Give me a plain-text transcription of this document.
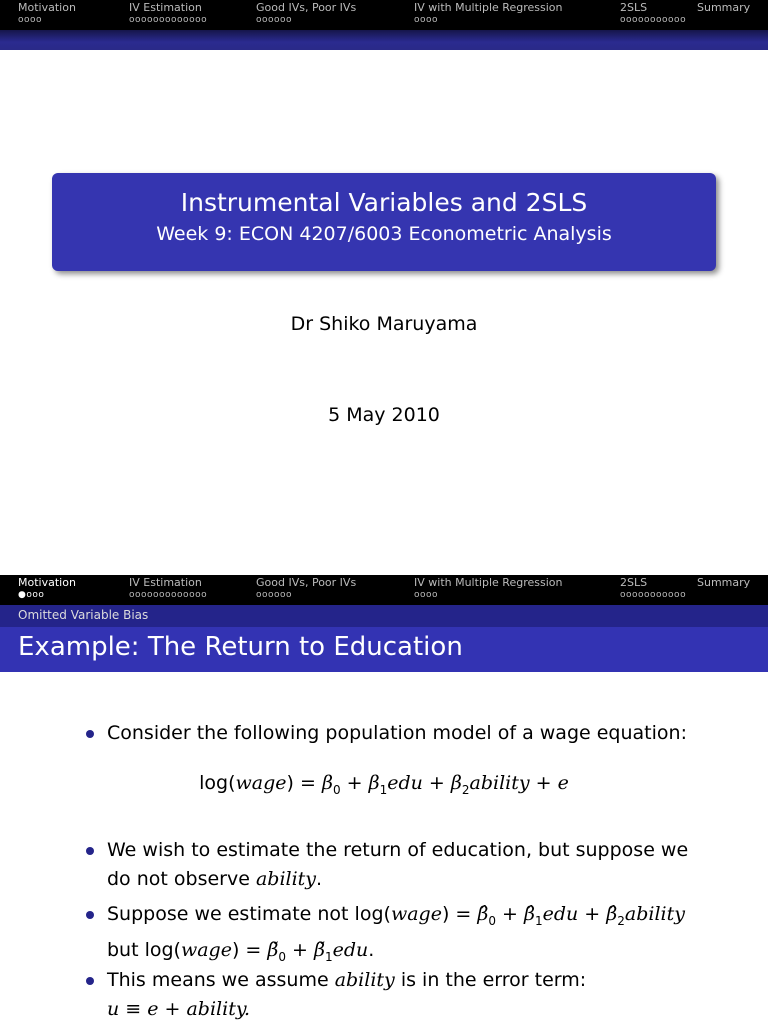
Motivation
oooo
IV Estimation
ooooooooooooo
Good IVs, Poor IVs
oooooo
IV with Multiple Regression
oooo
2SLS
ooooooooooo
Summary
Instrumental Variables and 2SLS
Week 9: ECON 4207/6003 Econometric Analysis
Dr Shiko Maruyama
5 May 2010
Motivation
●ooo
IV Estimation
ooooooooooooo
Good IVs, Poor IVs
oooooo
IV with Multiple Regression
oooo
2SLS
ooooooooooo
Summary
Omitted Variable Bias
Example: The Return to Education
Consider the following population model of a wage equation:
log(wage) = $\beta_0 + \beta_1edu$ + $\beta_2ability + e$
We wish to estimate the return of education, but suppose we
do not observe ability.
Suppose we estimate not log(wage) = $\betâ_0$ + $\betâ_1edu$ + $\betâ_2ability$
but log(wage) = $\betã_0$ + $\betã_1edu$.
This means we assume ability is in the error term:
u ≡ e + ability.
